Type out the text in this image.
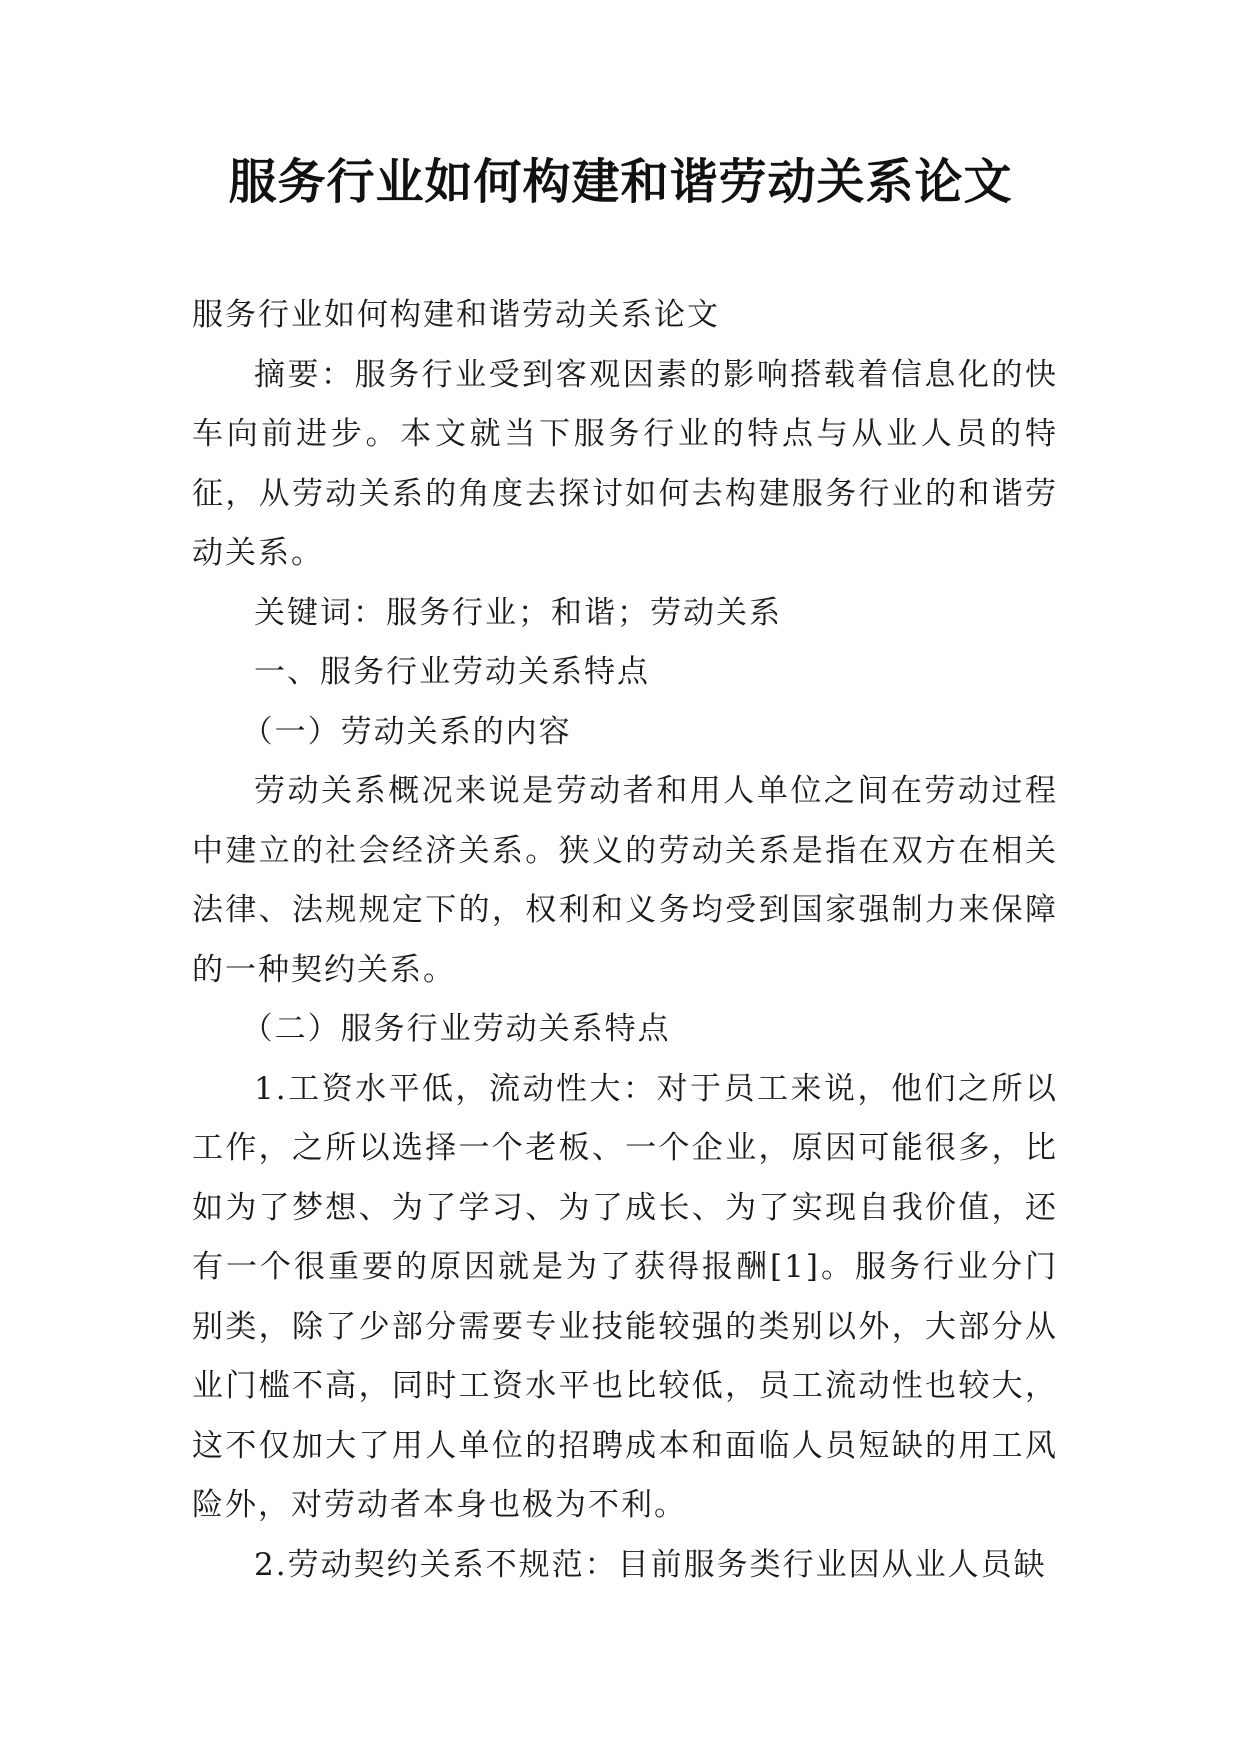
服务行业如何构建和谐劳动关系论文

服务行业如何构建和谐劳动关系论文

摘要：服务行业受到客观因素的影响搭载着信息化的快车向前进步。本文就当下服务行业的特点与从业人员的特征，从劳动关系的角度去探讨如何去构建服务行业的和谐劳动关系。

关键词：服务行业；和谐；劳动关系

一、服务行业劳动关系特点

（一）劳动关系的内容

劳动关系概况来说是劳动者和用人单位之间在劳动过程中建立的社会经济关系。狭义的劳动关系是指在双方在相关法律、法规规定下的，权利和义务均受到国家强制力来保障的一种契约关系。

（二）服务行业劳动关系特点

1.工资水平低，流动性大：对于员工来说，他们之所以工作，之所以选择一个老板、一个企业，原因可能很多，比如为了梦想、为了学习、为了成长、为了实现自我价值，还有一个很重要的原因就是为了获得报酬[1]。服务行业分门别类，除了少部分需要专业技能较强的类别以外，大部分从业门槛不高，同时工资水平也比较低，员工流动性也较大，这不仅加大了用人单位的招聘成本和面临人员短缺的用工风险外，对劳动者本身也极为不利。

2.劳动契约关系不规范：目前服务类行业因从业人员缺
